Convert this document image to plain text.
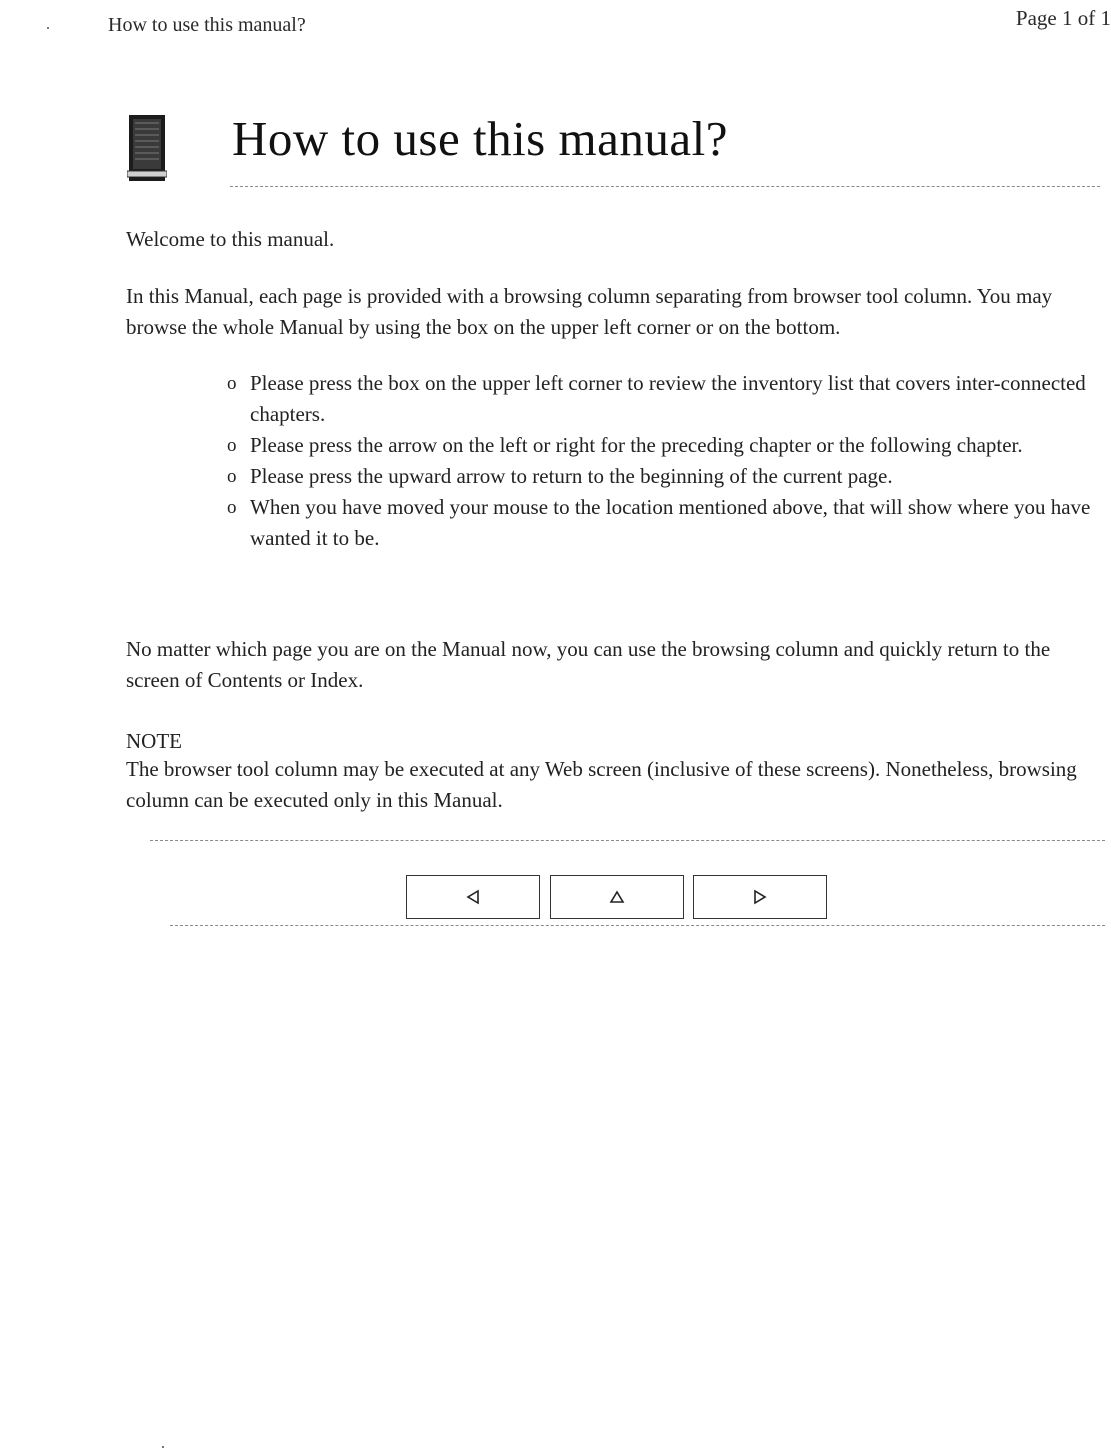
How to use this manual?	Page 1 of 1
How to use this manual?
Welcome to this manual.
In this Manual, each page is provided with a browsing column separating from browser tool column. You may browse the whole Manual by using the box on the upper left corner or on the bottom.
o Please press the box on the upper left corner to review the inventory list that covers inter-connected chapters.
o Please press the arrow on the left or right for the preceding chapter or the following chapter.
o Please press the upward arrow to return to the beginning of the current page.
o When you have moved your mouse to the location mentioned above, that will show where you have wanted it to be.
No matter which page you are on the Manual now, you can use the browsing column and quickly return to the screen of Contents or Index.
NOTE
The browser tool column may be executed at any Web screen (inclusive of these screens). Nonetheless, browsing column can be executed only in this Manual.
